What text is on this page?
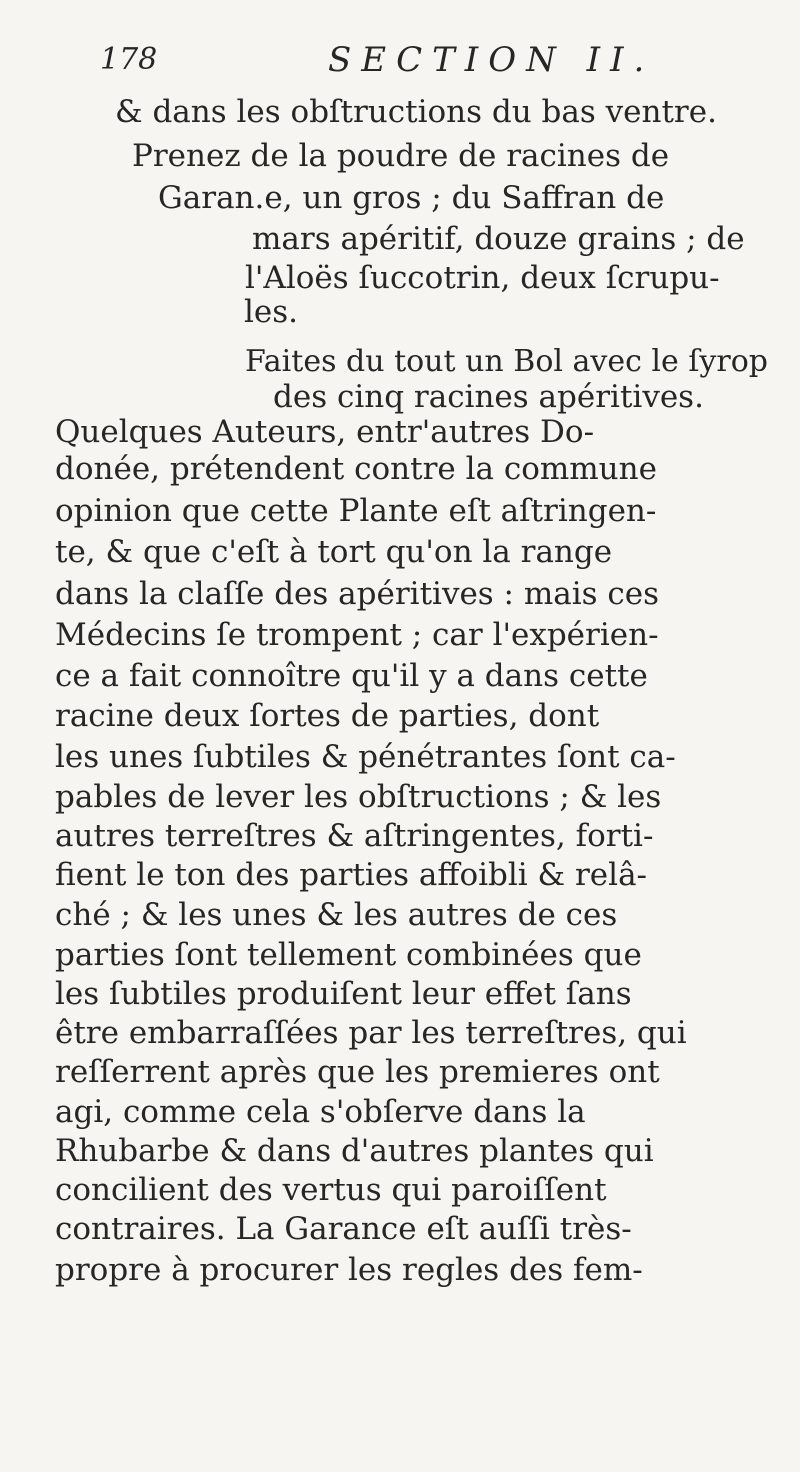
178	SECTION II.
& dans les obſtructions du bas ventre.
Prenez de la poudre de racines de
Garan.e, un gros ; du Saffran de
mars apéritif, douze grains ; de
l'Aloës ſuccotrin, deux ſcrupu-
les.
Faites du tout un Bol avec le ſyrop
des cinq racines apéritives.
Quelques Auteurs, entr'autres Do-
donée, prétendent contre la commune
opinion que cette Plante eſt aſtringen-
te, & que c'eſt à tort qu'on la range
dans la claſſe des apéritives : mais ces
Médecins ſe trompent ; car l'expérien-
ce a fait connoître qu'il y a dans cette
racine deux ſortes de parties, dont
les unes ſubtiles & pénétrantes ſont ca-
pables de lever les obſtructions ; & les
autres terreſtres & aſtringentes, forti-
fient le ton des parties affoibli & relâ-
ché ; & les unes & les autres de ces
parties ſont tellement combinées que
les ſubtiles produiſent leur effet ſans
être embarraſſées par les terreſtres, qui
reſſerrent après que les premieres ont
agi, comme cela s'obſerve dans la
Rhubarbe & dans d'autres plantes qui
concilient des vertus qui paroiſſent
contraires. La Garance eſt auſſi très-
propre à procurer les regles des fem-
